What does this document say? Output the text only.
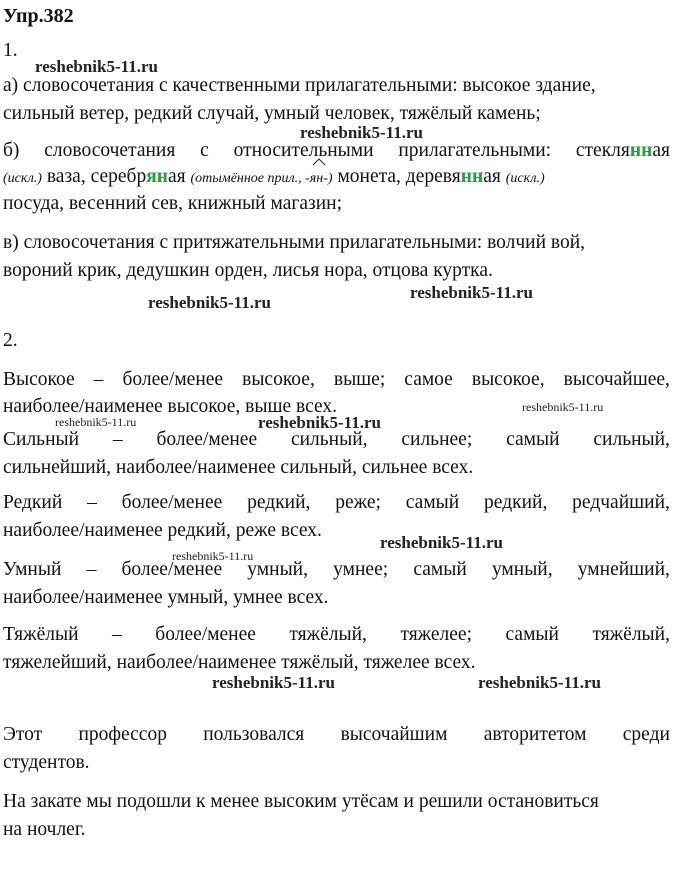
Упр.382
1.
reshebnik5-11.ru
reshebnik5-11.ru
reshebnik5-11.ru
reshebnik5-11.ru
reshebnik5-11.ru	reshebnik5-11.ru
reshebnik5-11.ru
reshebnik5-11.ru
reshebnik5-11.ru
reshebnik5-11.ru	reshebnik5-11.ru
а) словосочетания с качественными прилагательными: высокое здание,
сильный ветер, редкий случай, умный человек, тяжёлый камень;
б) словосочетания с относительными прилагательными: стеклянная
(искл.) ваза, серебряная (отымённое прил., -
ян-) монета, деревянная (искл.)
посуда, весенний сев, книжный магазин;
в) словосочетания с притяжательными прилагательными: волчий вой,
вороний крик, дедушкин орден, лисья нора, отцова куртка.
2.
Высокое – более/менее высокое, выше; самое высокое, высочайшее,
наиболее/наименее высокое, выше всех.
Сильный – более/менее сильный, сильнее; самый сильный,
сильнейший, наиболее/наименее сильный, сильнее всех.
Редкий – более/менее редкий, реже; самый редкий, редчайший,
наиболее/наименее редкий, реже всех.
Умный – более/менее умный, умнее; самый умный, умнейший,
наиболее/наименее умный, умнее всех.
Тяжёлый – более/менее тяжёлый, тяжелее; самый тяжёлый,
тяжелейший, наиболее/наименее тяжёлый, тяжелее всех.
Этот профессор пользовался высочайшим авторитетом среди
студентов.
На закате мы подошли к менее высоким утёсам и решили остановиться
на ночлег.
